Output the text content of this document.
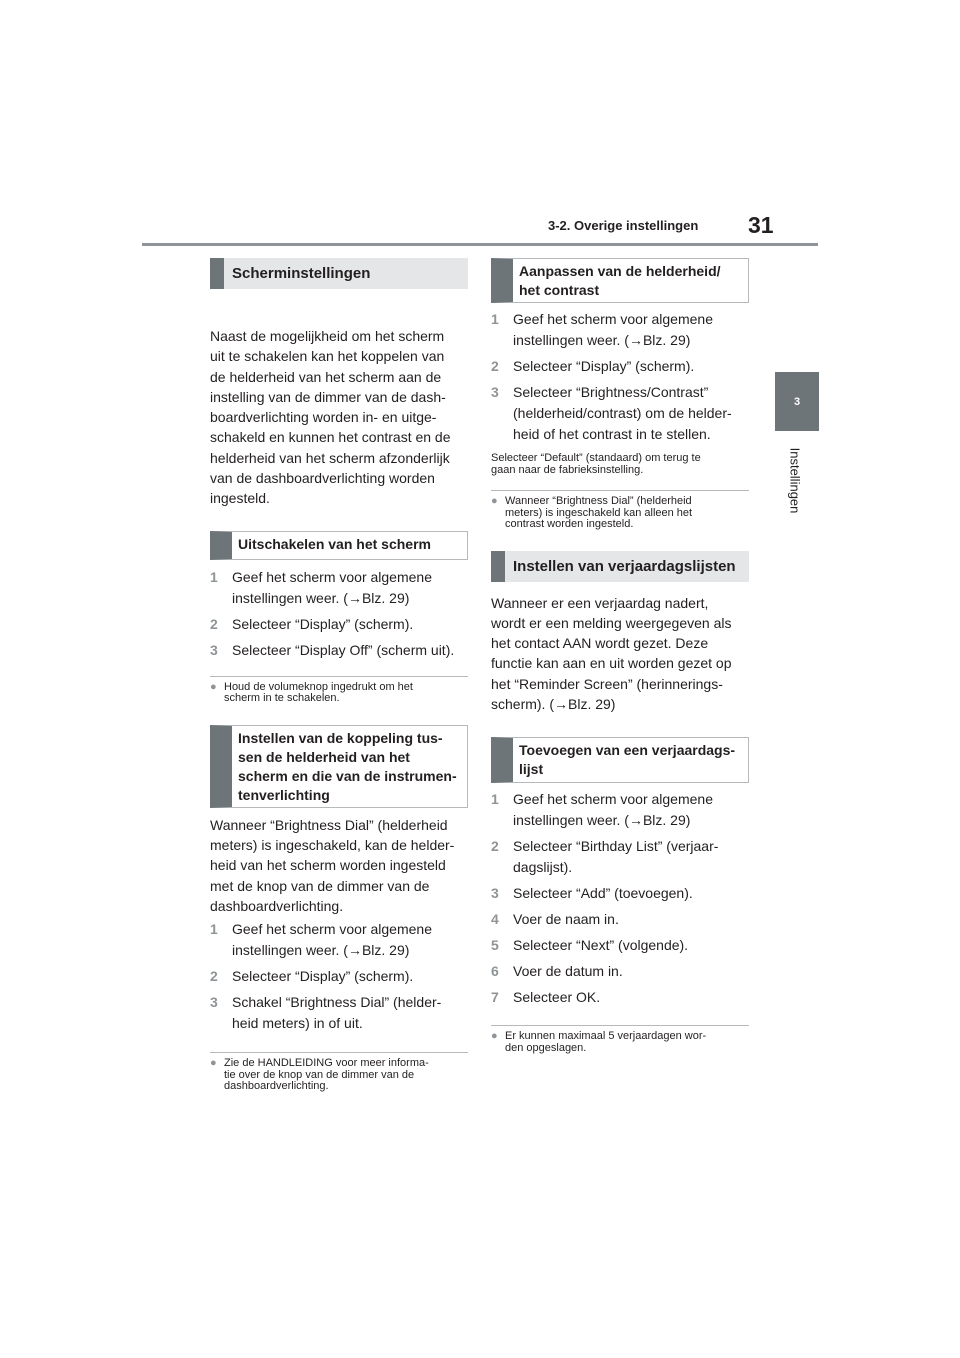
3-2. Overige instellingen 31
3
Instellingen
Scherminstellingen
Naast de mogelijkheid om het scherm
uit te schakelen kan het koppelen van
de helderheid van het scherm aan de
instelling van de dimmer van de dash-
boardverlichting worden in- en uitge-
schakeld en kunnen het contrast en de
helderheid van het scherm afzonderlijk
van de dashboardverlichting worden
ingesteld.
Uitschakelen van het scherm
1	Geef het scherm voor algemene
instellingen weer. (→Blz. 29)
2	Selecteer “Display” (scherm).
3	Selecteer “Display Off” (scherm uit).
● Houd de volumeknop ingedrukt om het
scherm in te schakelen.
Instellen van de koppeling tus-
sen de helderheid van het
scherm en die van de instrumen-
tenverlichting
Wanneer “Brightness Dial” (helderheid
meters) is ingeschakeld, kan de helder-
heid van het scherm worden ingesteld
met de knop van de dimmer van de
dashboardverlichting.
1	Geef het scherm voor algemene
instellingen weer. (→Blz. 29)
2	Selecteer “Display” (scherm).
3	Schakel “Brightness Dial” (helder-
heid meters) in of uit.
● Zie de HANDLEIDING voor meer informa-
tie over de knop van de dimmer van de
dashboardverlichting.
Aanpassen van de helderheid/
het contrast
1	Geef het scherm voor algemene
instellingen weer. (→Blz. 29)
2	Selecteer “Display” (scherm).
3	Selecteer “Brightness/Contrast”
(helderheid/contrast) om de helder-
heid of het contrast in te stellen.
Selecteer “Default” (standaard) om terug te
gaan naar de fabrieksinstelling.
● Wanneer “Brightness Dial” (helderheid
meters) is ingeschakeld kan alleen het
contrast worden ingesteld.
Instellen van verjaardagslijsten
Wanneer er een verjaardag nadert,
wordt er een melding weergegeven als
het contact AAN wordt gezet. Deze
functie kan aan en uit worden gezet op
het “Reminder Screen” (herinnerings-
scherm). (→Blz. 29)
Toevoegen van een verjaardags-
lijst
1	Geef het scherm voor algemene
instellingen weer. (→Blz. 29)
2	Selecteer “Birthday List” (verjaar-
dagslijst).
3	Selecteer “Add” (toevoegen).
4	Voer de naam in.
5	Selecteer “Next” (volgende).
6	Voer de datum in.
7	Selecteer OK.
● Er kunnen maximaal 5 verjaardagen wor-
den opgeslagen.
